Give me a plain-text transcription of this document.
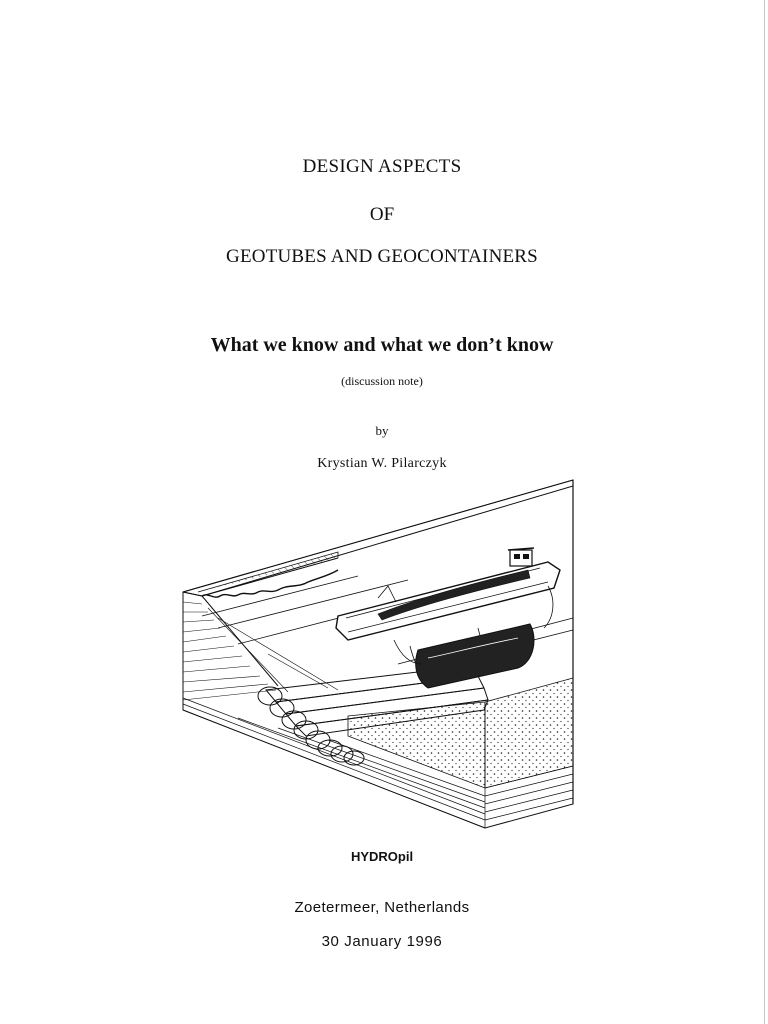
DESIGN ASPECTS
OF
GEOTUBES AND GEOCONTAINERS
What we know and what we don’t know
(discussion note)
by
Krystian W. Pilarczyk
HYDROpil
Zoetermeer, Netherlands
30 January 1996
